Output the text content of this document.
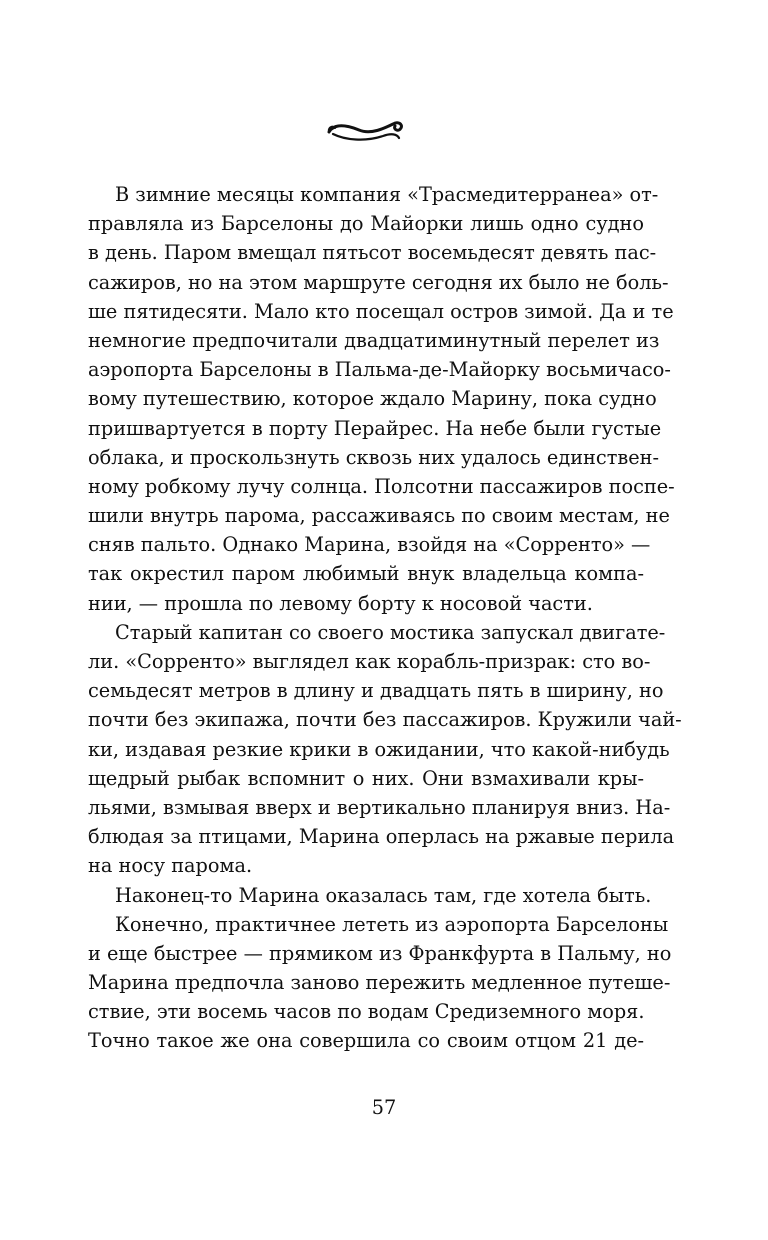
В зимние месяцы компания «Трасмедитерранеа» от-
правляла из Барселоны до Майорки лишь одно судно
в день. Паром вмещал пятьсот восемьдесят девять пас-
сажиров, но на этом маршруте сегодня их было не боль-
ше пятидесяти. Мало кто посещал остров зимой. Да и те
немногие предпочитали двадцатиминутный перелет из
аэропорта Барселоны в Пальма-де-Майорку восьмичасо-
вому путешествию, которое ждало Марину, пока судно
пришвартуется в порту Перайрес. На небе были густые
облака, и проскользнуть сквозь них удалось единствен-
ному робкому лучу солнца. Полсотни пассажиров поспе-
шили внутрь парома, рассаживаясь по своим местам, не
сняв пальто. Однако Марина, взойдя на «Сорренто» —
так окрестил паром любимый внук владельца компа-
нии, — прошла по левому борту к носовой части.
Старый капитан со своего мостика запускал двигате-
ли. «Сорренто» выглядел как корабль-призрак: сто во-
семьдесят метров в длину и двадцать пять в ширину, но
почти без экипажа, почти без пассажиров. Кружили чай-
ки, издавая резкие крики в ожидании, что какой-нибудь
щедрый рыбак вспомнит о них. Они взмахивали кры-
льями, взмывая вверх и вертикально планируя вниз. На-
блюдая за птицами, Марина оперлась на ржавые перила
на носу парома.
Наконец-то Марина оказалась там, где хотела быть.
Конечно, практичнее лететь из аэропорта Барселоны
и еще быстрее — прямиком из Франкфурта в Пальму, но
Марина предпочла заново пережить медленное путеше-
ствие, эти восемь часов по водам Средиземного моря.
Точно такое же она совершила со своим отцом 21 де-
57
